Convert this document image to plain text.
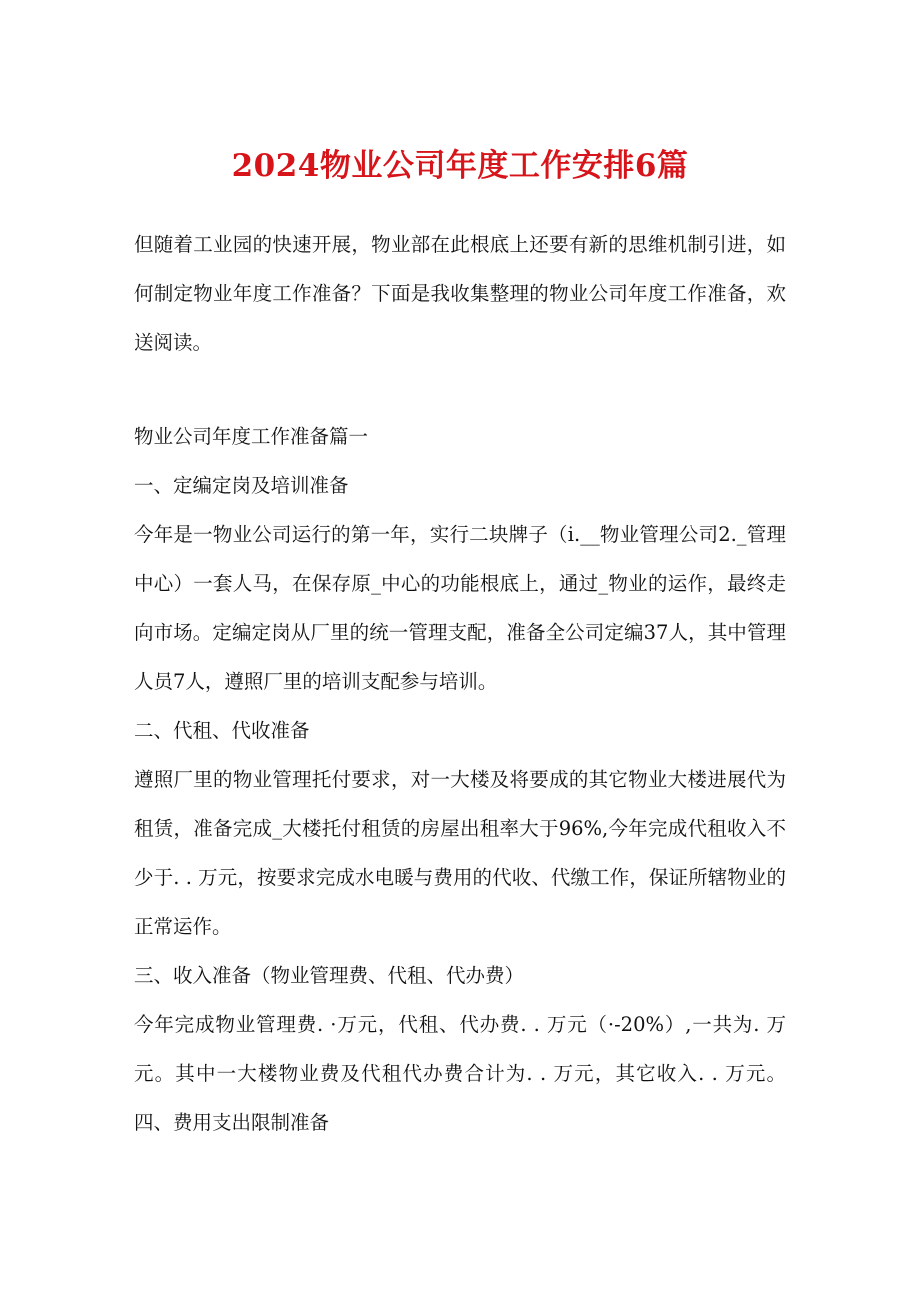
2024物业公司年度工作安排6篇

但随着工业园的快速开展，物业部在此根底上还要有新的思维机制引进，如何制定物业年度工作准备？下面是我收集整理的物业公司年度工作准备，欢送阅读。

物业公司年度工作准备篇一

一、定编定岗及培训准备

今年是一物业公司运行的第一年，实行二块牌子（i.__物业管理公司2._管理中心）一套人马，在保存原_中心的功能根底上，通过_物业的运作，最终走向市场。定编定岗从厂里的统一管理支配，准备全公司定编37人，其中管理人员7人，遵照厂里的培训支配参与培训。

二、代租、代收准备

遵照厂里的物业管理托付要求，对一大楼及将要成的其它物业大楼进展代为租赁，准备完成_大楼托付租赁的房屋出租率大于96%,今年完成代租收入不少于. . 万元，按要求完成水电暖与费用的代收、代缴工作，保证所辖物业的正常运作。

三、收入准备（物业管理费、代租、代办费）

今年完成物业管理费. ·万元，代租、代办费. . 万元（·-20%）,一共为. 万元。其中一大楼物业费及代租代办费合计为. . 万元，其它收入. . 万元。四、费用支出限制准备
